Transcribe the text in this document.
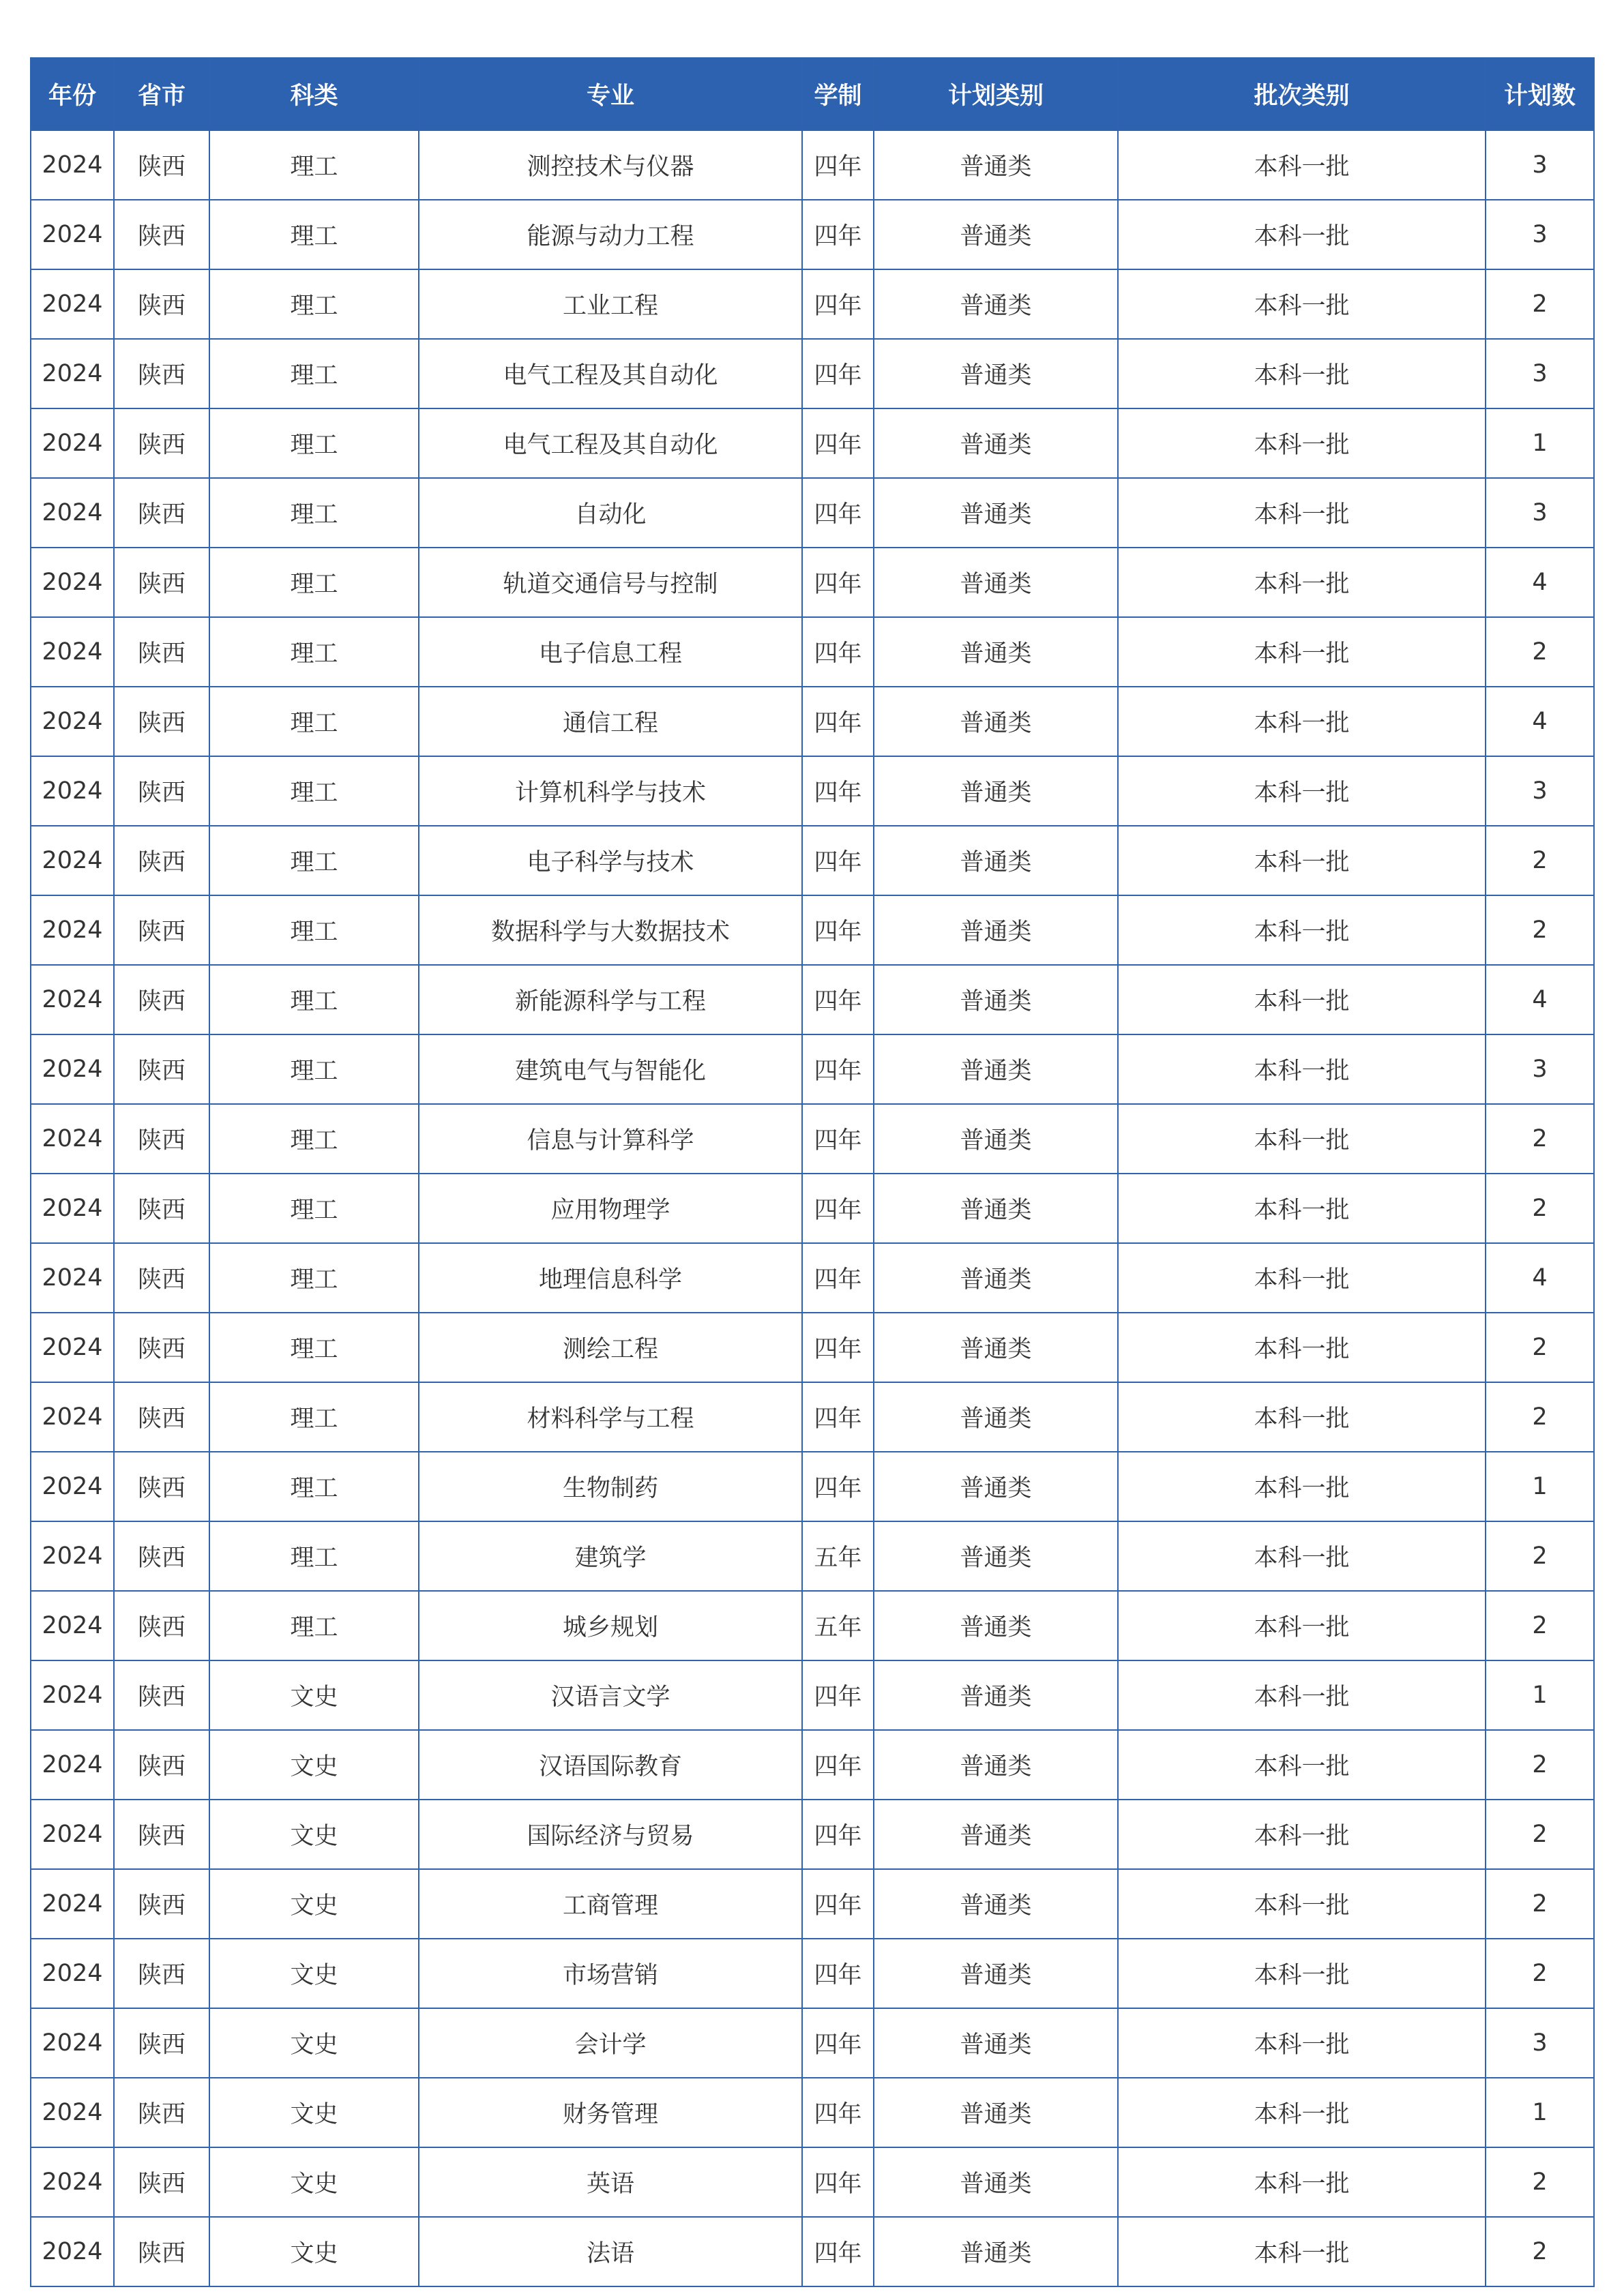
年份	省市	科类	专业	学制	计划类别	批次类别	计划数
2024	陕西	理工	测控技术与仪器	四年	普通类	本科一批	3
2024	陕西	理工	能源与动力工程	四年	普通类	本科一批	3
2024	陕西	理工	工业工程	四年	普通类	本科一批	2
2024	陕西	理工	电气工程及其自动化	四年	普通类	本科一批	3
2024	陕西	理工	电气工程及其自动化	四年	普通类	本科一批	1
2024	陕西	理工	自动化	四年	普通类	本科一批	3
2024	陕西	理工	轨道交通信号与控制	四年	普通类	本科一批	4
2024	陕西	理工	电子信息工程	四年	普通类	本科一批	2
2024	陕西	理工	通信工程	四年	普通类	本科一批	4
2024	陕西	理工	计算机科学与技术	四年	普通类	本科一批	3
2024	陕西	理工	电子科学与技术	四年	普通类	本科一批	2
2024	陕西	理工	数据科学与大数据技术	四年	普通类	本科一批	2
2024	陕西	理工	新能源科学与工程	四年	普通类	本科一批	4
2024	陕西	理工	建筑电气与智能化	四年	普通类	本科一批	3
2024	陕西	理工	信息与计算科学	四年	普通类	本科一批	2
2024	陕西	理工	应用物理学	四年	普通类	本科一批	2
2024	陕西	理工	地理信息科学	四年	普通类	本科一批	4
2024	陕西	理工	测绘工程	四年	普通类	本科一批	2
2024	陕西	理工	材料科学与工程	四年	普通类	本科一批	2
2024	陕西	理工	生物制药	四年	普通类	本科一批	1
2024	陕西	理工	建筑学	五年	普通类	本科一批	2
2024	陕西	理工	城乡规划	五年	普通类	本科一批	2
2024	陕西	文史	汉语言文学	四年	普通类	本科一批	1
2024	陕西	文史	汉语国际教育	四年	普通类	本科一批	2
2024	陕西	文史	国际经济与贸易	四年	普通类	本科一批	2
2024	陕西	文史	工商管理	四年	普通类	本科一批	2
2024	陕西	文史	市场营销	四年	普通类	本科一批	2
2024	陕西	文史	会计学	四年	普通类	本科一批	3
2024	陕西	文史	财务管理	四年	普通类	本科一批	1
2024	陕西	文史	英语	四年	普通类	本科一批	2
2024	陕西	文史	法语	四年	普通类	本科一批	2
